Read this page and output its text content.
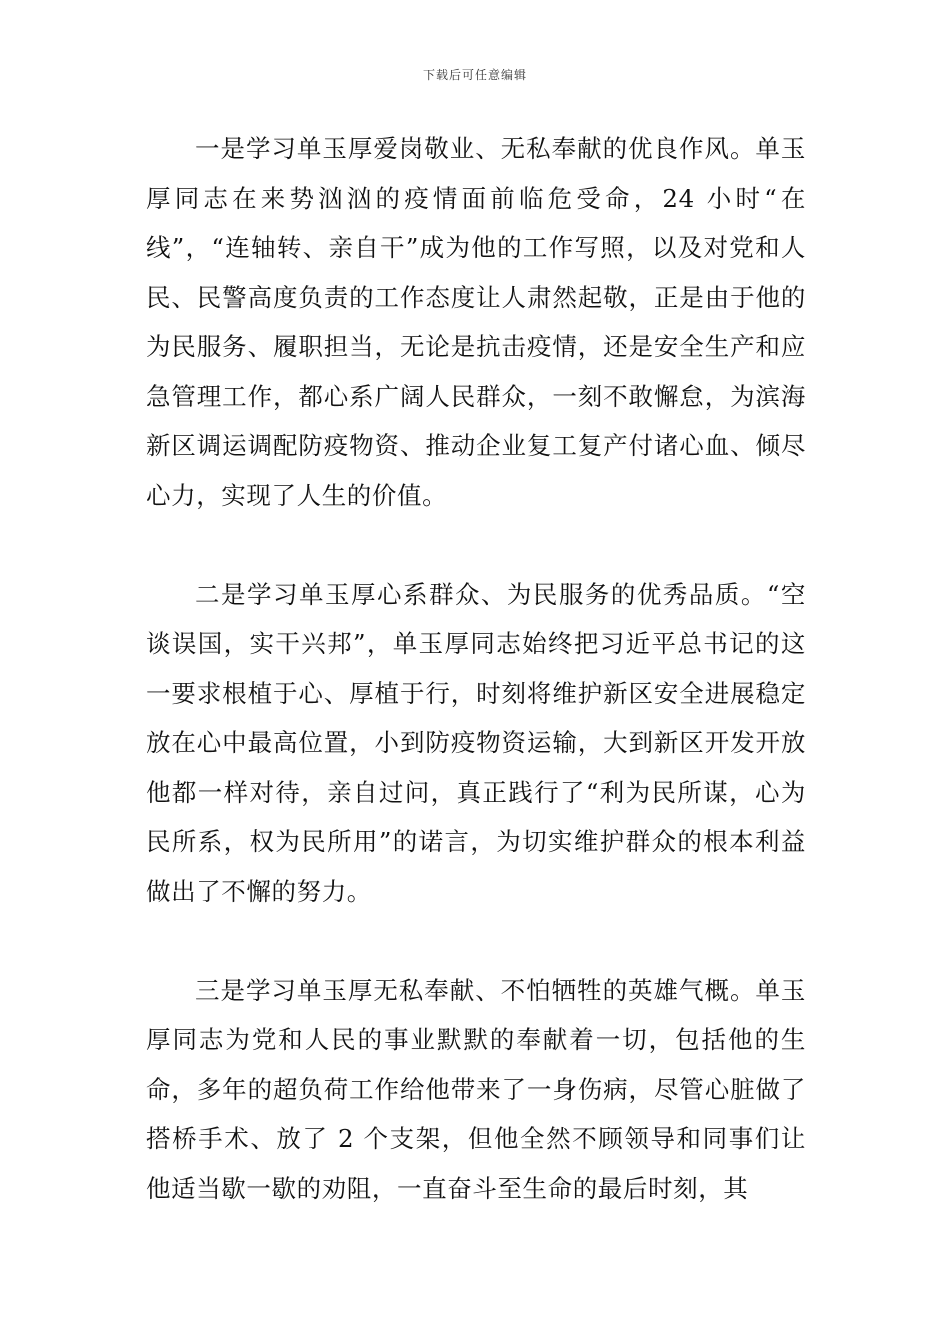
下载后可任意编辑

一是学习单玉厚爱岗敬业、无私奉献的优良作风。单玉厚同志在来势汹汹的疫情面前临危受命，24 小时“在线”，“连轴转、亲自干”成为他的工作写照，以及对党和人民、民警高度负责的工作态度让人肃然起敬，正是由于他的为民服务、履职担当，无论是抗击疫情，还是安全生产和应急管理工作，都心系广阔人民群众，一刻不敢懈怠，为滨海新区调运调配防疫物资、推动企业复工复产付诸心血、倾尽心力，实现了人生的价值。

二是学习单玉厚心系群众、为民服务的优秀品质。“空谈误国，实干兴邦”，单玉厚同志始终把习近平总书记的这一要求根植于心、厚植于行，时刻将维护新区安全进展稳定放在心中最高位置，小到防疫物资运输，大到新区开发开放他都一样对待，亲自过问，真正践行了“利为民所谋，心为民所系，权为民所用”的诺言，为切实维护群众的根本利益做出了不懈的努力。

三是学习单玉厚无私奉献、不怕牺牲的英雄气概。单玉厚同志为党和人民的事业默默的奉献着一切，包括他的生命，多年的超负荷工作给他带来了一身伤病，尽管心脏做了搭桥手术、放了 2 个支架，但他全然不顾领导和同事们让他适当歇一歇的劝阻，一直奋斗至生命的最后时刻，其
